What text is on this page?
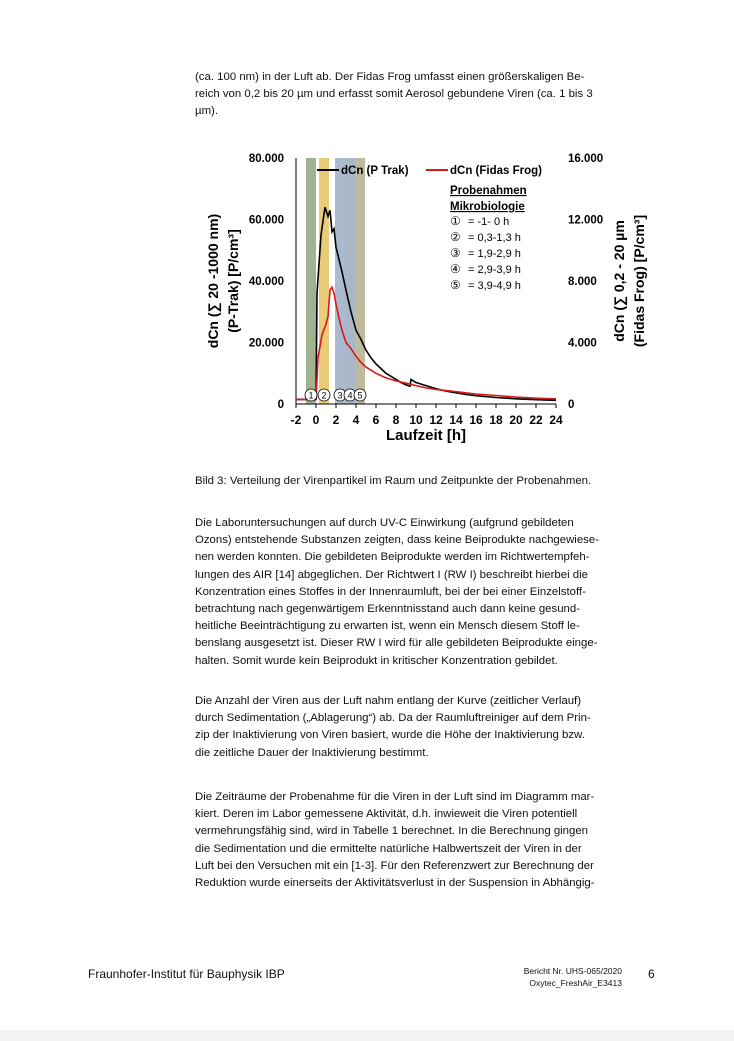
(ca. 100 nm) in der Luft ab. Der Fidas Frog umfasst einen größerskaligen Be-
reich von 0,2 bis 20 µm und erfasst somit Aerosol gebundene Viren (ca. 1 bis 3
µm).
-2 0 2 4 6 8 10 12 14 16 18 20 22 24
0
20.000
40.000
60.000
80.000
0
4.000
8.000
12.000
16.000
dCn (P Trak)	dCn (Fidas Frog)
Probenahmen
Mikrobiologie
① = -1- 0 h
② = 0,3-1,3 h
③ = 1,9-2,9 h
④ = 2,9-3,9 h
⑤ = 3,9-4,9 h
1 2 3 4 5
Laufzeit [h]
dCn (∑ 20 -1000 nm) (P-Trak) [P/cm³]	dCn (∑ 0,2 - 20 µm (Fidas Frog) [P/cm³]
Bild 3: Verteilung der Virenpartikel im Raum und Zeitpunkte der Probenahmen.
Die Laboruntersuchungen auf durch UV-C Einwirkung (aufgrund gebildeten
Ozons) entstehende Substanzen zeigten, dass keine Beiprodukte nachgewiese-
nen werden konnten. Die gebildeten Beiprodukte werden im Richtwertempfeh-
lungen des AIR [14] abgeglichen. Der Richtwert I (RW I) beschreibt hierbei die
Konzentration eines Stoffes in der Innenraumluft, bei der bei einer Einzelstoff-
betrachtung nach gegenwärtigem Erkenntnisstand auch dann keine gesund-
heitliche Beeinträchtigung zu erwarten ist, wenn ein Mensch diesem Stoff le-
benslang ausgesetzt ist. Dieser RW I wird für alle gebildeten Beiprodukte einge-
halten. Somit wurde kein Beiprodukt in kritischer Konzentration gebildet.
Die Anzahl der Viren aus der Luft nahm entlang der Kurve (zeitlicher Verlauf)
durch Sedimentation („Ablagerung“) ab. Da der Raumluftreiniger auf dem Prin-
zip der Inaktivierung von Viren basiert, wurde die Höhe der Inaktivierung bzw.
die zeitliche Dauer der Inaktivierung bestimmt.
Die Zeiträume der Probenahme für die Viren in der Luft sind im Diagramm mar-
kiert. Deren im Labor gemessene Aktivität, d.h. inwieweit die Viren potentiell
vermehrungsfähig sind, wird in Tabelle 1 berechnet. In die Berechnung gingen
die Sedimentation und die ermittelte natürliche Halbwertszeit der Viren in der
Luft bei den Versuchen mit ein [1-3]. Für den Referenzwert zur Berechnung der
Reduktion wurde einerseits der Aktivitätsverlust in der Suspension in Abhängig-
Fraunhofer-Institut für Bauphysik IBP	Bericht Nr. UHS-065/2020
Oxytec_FreshAir_E3413
6
